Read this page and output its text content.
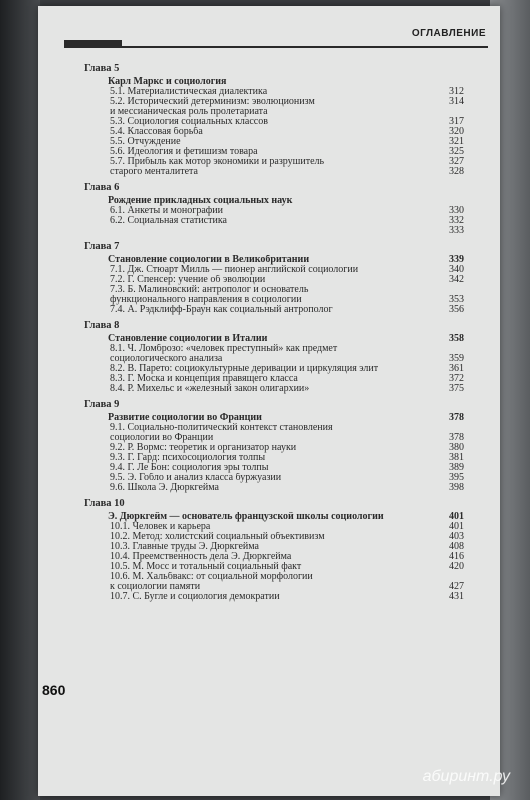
ОГЛАВЛЕНИЕ
Глава 5
Карл Маркс и социология
5.1. Материалистическая диалектика	312
5.2. Исторический детерминизм: эволюционизм	314
и мессианическая роль пролетариата
5.3. Социология социальных классов	317
5.4. Классовая борьба	320
5.5. Отчуждение	321
5.6. Идеология и фетишизм товара	325
5.7. Прибыль как мотор экономики и разрушитель	327
старого менталитета	328
Глава 6
Рождение прикладных социальных наук
6.1. Анкеты и монографии	330
6.2. Социальная статистика	332
333
Глава 7
Становление социологии в Великобритании	339
7.1. Дж. Стюарт Милль — пионер английской социологии	340
7.2. Г. Спенсер: учение об эволюции	342
7.3. Б. Малиновский: антрополог и основатель
функционального направления в социологии	353
7.4. А. Рэдклифф-Браун как социальный антрополог	356
Глава 8
Становление социологии в Италии	358
8.1. Ч. Ломброзо: «человек преступный» как предмет
социологического анализа	359
8.2. В. Парето: социокультурные деривации и циркуляция элит	361
8.3. Г. Моска и концепция правящего класса	372
8.4. Р. Михельс и «железный закон олигархии»	375
Глава 9
Развитие социологии во Франции	378
9.1. Социально-политический контекст становления
социологии во Франции	378
9.2. Р. Вормс: теоретик и организатор науки	380
9.3. Г. Гард: психосоциология толпы	381
9.4. Г. Ле Бон: социология эры толпы	389
9.5. Э. Гобло и анализ класса буржуазии	395
9.6. Школа Э. Дюркгейма	398
Глава 10
Э. Дюркгейм — основатель французской школы социологии	401
10.1. Человек и карьера	401
10.2. Метод: холистский социальный объективизм	403
10.3. Главные труды Э. Дюркгейма	408
10.4. Преемственность дела Э. Дюркгейма	416
10.5. М. Мосс и тотальный социальный факт	420
10.6. М. Хальбвакс: от социальной морфологии
к социологии памяти	427
10.7. С. Бугле и социология демократии	431
860
абиринт.ру
